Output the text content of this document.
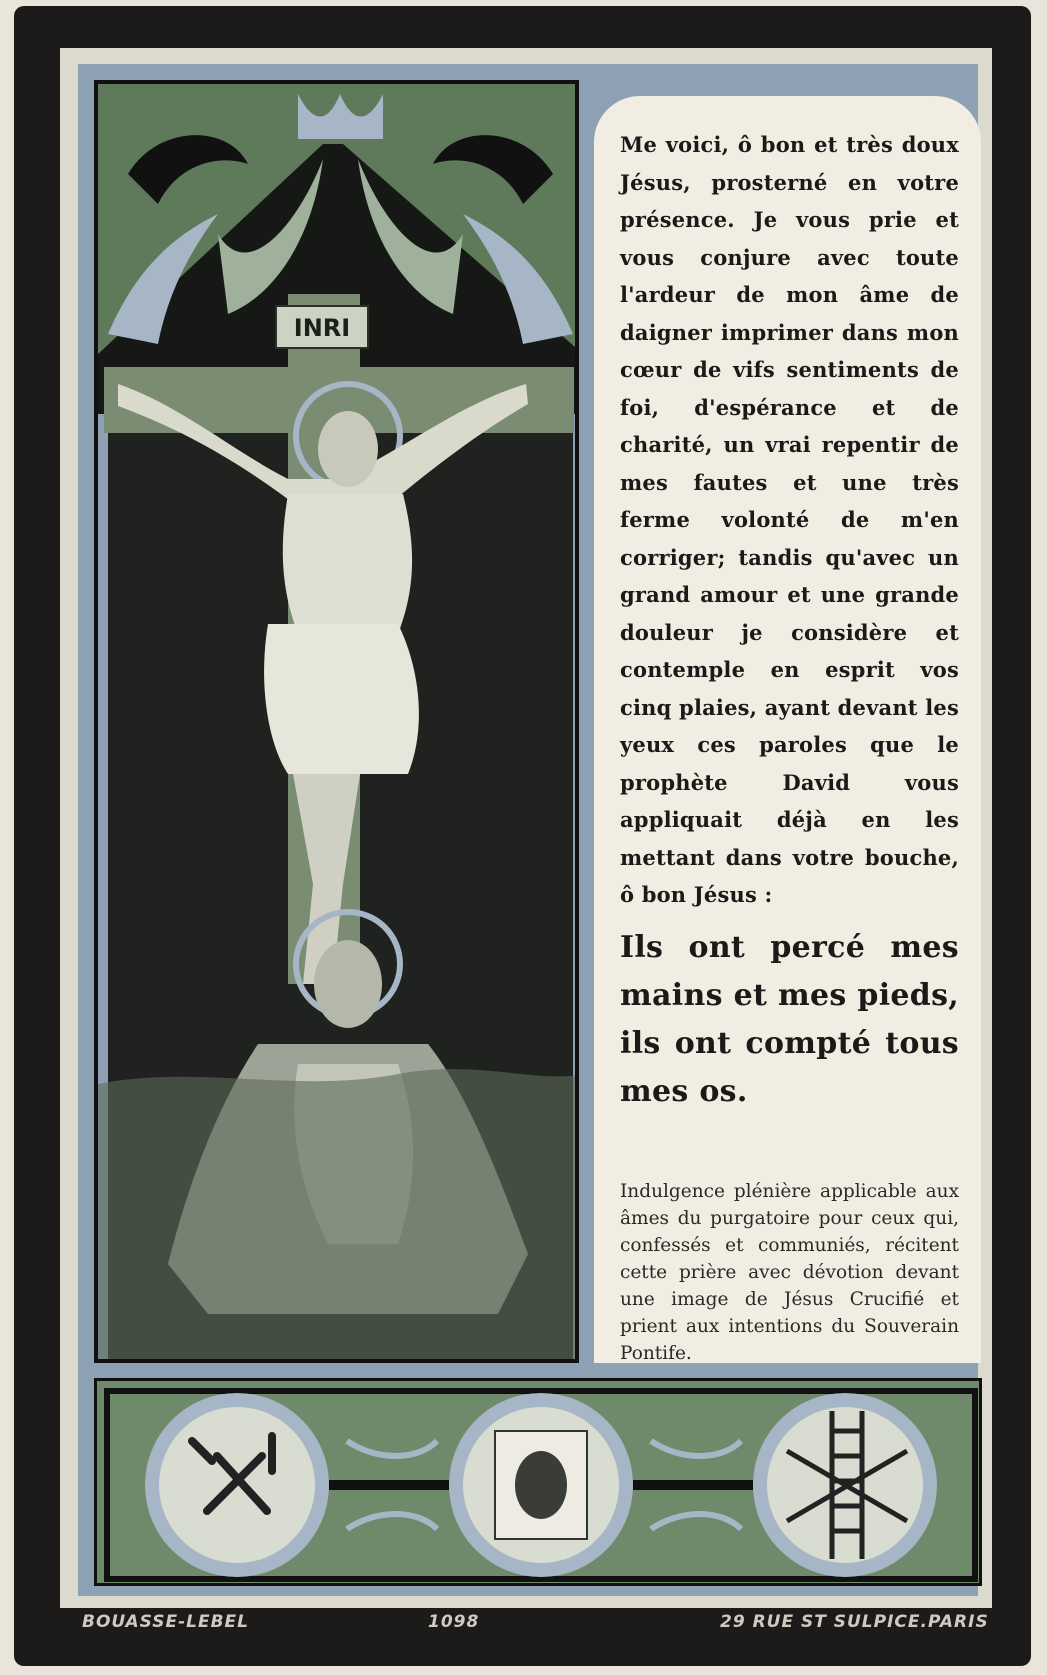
INRI

Me voici, ô bon et très doux Jésus, prosterné en votre présence. Je vous prie et vous conjure avec toute l'ardeur de mon âme de daigner imprimer dans mon cœur de vifs sentiments de foi, d'espérance et de charité, un vrai repentir de mes fautes et une très ferme volonté de m'en corriger; tandis qu'avec un grand amour et une grande douleur je considère et contemple en esprit vos cinq plaies, ayant devant les yeux ces paroles que le prophète David vous appliquait déjà en les mettant dans votre bouche, ô bon Jésus :

Ils ont percé mes mains et mes pieds, ils ont compté tous mes os.

Indulgence plénière applicable aux âmes du purgatoire pour ceux qui, confessés et communiés, récitent cette prière avec dévotion devant une image de Jésus Crucifié et prient aux intentions du Souverain Pontife.

BOUASSE-LEBEL	1098	29 RUE ST SULPICE.PARIS
